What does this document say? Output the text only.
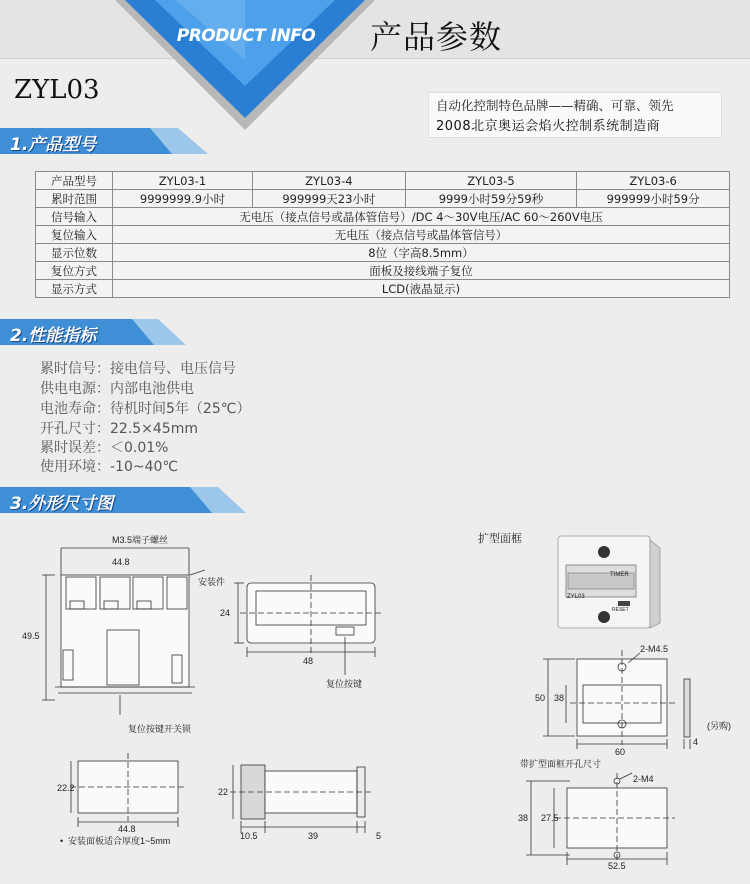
PRODUCT INFO 产品参数
ZYL03
自动化控制特色品牌——精确、可靠、领先
2008北京奥运会焰火控制系统制造商
1.产品型号
产品型号	ZYL03-1	ZYL03-4	ZYL03-5	ZYL03-6
累时范围	9999999.9小时	999999天23小时	9999小时59分59秒	999999小时59分
信号输入	无电压（接点信号或晶体管信号）/DC 4～30V电压/AC 60～260V电压			
复位输入	无电压（接点信号或晶体管信号）			
显示位数	8位（字高8.5mm）			
复位方式	面板及接线端子复位			
显示方式	LCD(液晶显示)			
2.性能指标
累时信号：接电信号、电压信号
供电电源：内部电池供电
电池寿命：待机时间5年（25℃）
开孔尺寸：22.5×45mm
累时误差：＜0.01%
使用环境：-10~40℃
3.外形尺寸图
M3.5端子螺丝
44.8
49.5
安装件
复位按键开关锁
24
48
复位按键
22.2
44.8
• 安装面板适合厚度1~5mm
22
10.5	39	5
扩型面框
TIMER
ZYL03
RESET
2-M4.5
50 38
60
4
(另购)
带扩型面框开孔尺寸
2-M4
38 27.5
52.5
